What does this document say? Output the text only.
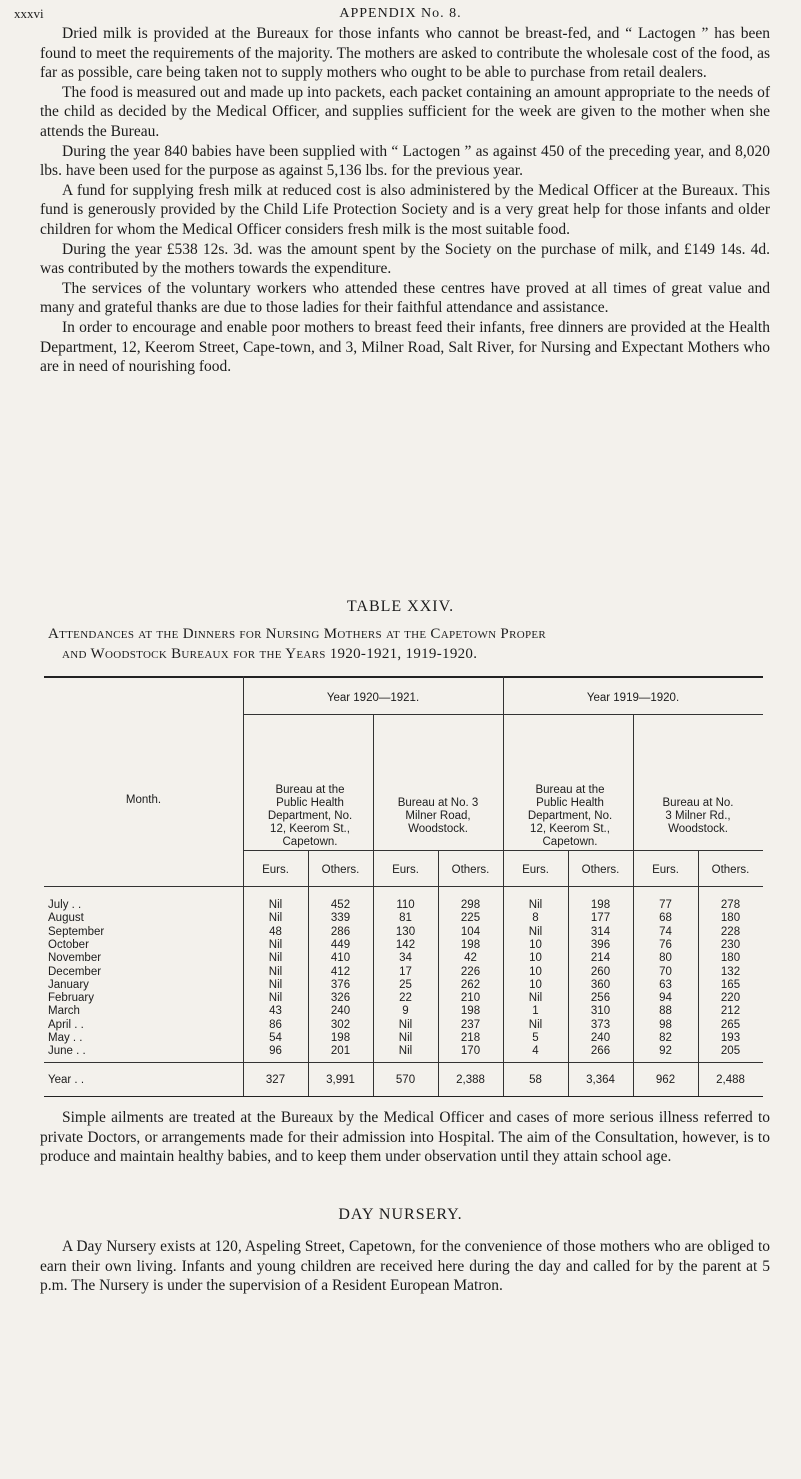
xxxvi	APPENDIX No. 8.

Dried milk is provided at the Bureaux for those infants who cannot be breast-fed, and “ Lactogen ” has been found to meet the requirements of the majority. The mothers are asked to contribute the wholesale cost of the food, as far as possible, care being taken not to supply mothers who ought to be able to purchase from retail dealers.

The food is measured out and made up into packets, each packet containing an amount appropriate to the needs of the child as decided by the Medical Officer, and supplies sufficient for the week are given to the mother when she attends the Bureau.

During the year 840 babies have been supplied with “ Lactogen ” as against 450 of the preceding year, and 8,020 lbs. have been used for the purpose as against 5,136 lbs. for the previous year.

A fund for supplying fresh milk at reduced cost is also administered by the Medical Officer at the Bureaux. This fund is generously provided by the Child Life Protection Society and is a very great help for those infants and older children for whom the Medical Officer considers fresh milk is the most suitable food.

During the year £538 12s. 3d. was the amount spent by the Society on the purchase of milk, and £149 14s. 4d. was contributed by the mothers towards the expenditure.

The services of the voluntary workers who attended these centres have proved at all times of great value and many and grateful thanks are due to those ladies for their faithful attendance and assistance.

In order to encourage and enable poor mothers to breast feed their infants, free dinners are provided at the Health Department, 12, Keerom Street, Cape-town, and 3, Milner Road, Salt River, for Nursing and Expectant Mothers who are in need of nourishing food.

TABLE XXIV.
Attendances at the Dinners for Nursing Mothers at the Capetown Proper
and Woodstock Bureaux for the Years 1920-1921, 1919-1920.
Month.
Year 1920—1921.	Year 1919—1920.
Bureau at the
Public Health
Department, No.
12, Keerom St.,
Capetown.
Bureau at No. 3
Milner Road,
Woodstock.
Bureau at the
Public Health
Department, No.
12, Keerom St.,
Capetown.
Bureau at No.
3 Milner Rd.,
Woodstock.
Eurs.	Others.	Eurs.	Others.	Eurs.	Others.	Eurs.	Others.
July . .	Nil	452	110	298	Nil	198	77	278
August	Nil	339	81	225	8	177	68	180
September	48	286	130	104	Nil	314	74	228
October	Nil	449	142	198	10	396	76	230
November	Nil	410	34	42	10	214	80	180
December	Nil	412	17	226	10	260	70	132
January	Nil	376	25	262	10	360	63	165
February	Nil	326	22	210	Nil	256	94	220
March	43	240	9	198	1	310	88	212
April . .	86	302	Nil	237	Nil	373	98	265
May . .	54	198	Nil	218	5	240	82	193
June . .	96	201	Nil	170	4	266	92	205
Year . .	327	3,991	570	2,388	58	3,364	962	2,488

Simple ailments are treated at the Bureaux by the Medical Officer and cases of more serious illness referred to private Doctors, or arrangements made for their admission into Hospital. The aim of the Consultation, however, is to produce and maintain healthy babies, and to keep them under observation until they attain school age.

DAY NURSERY.

A Day Nursery exists at 120, Aspeling Street, Capetown, for the convenience of those mothers who are obliged to earn their own living. Infants and young children are received here during the day and called for by the parent at 5 p.m. The Nursery is under the supervision of a Resident European Matron.
